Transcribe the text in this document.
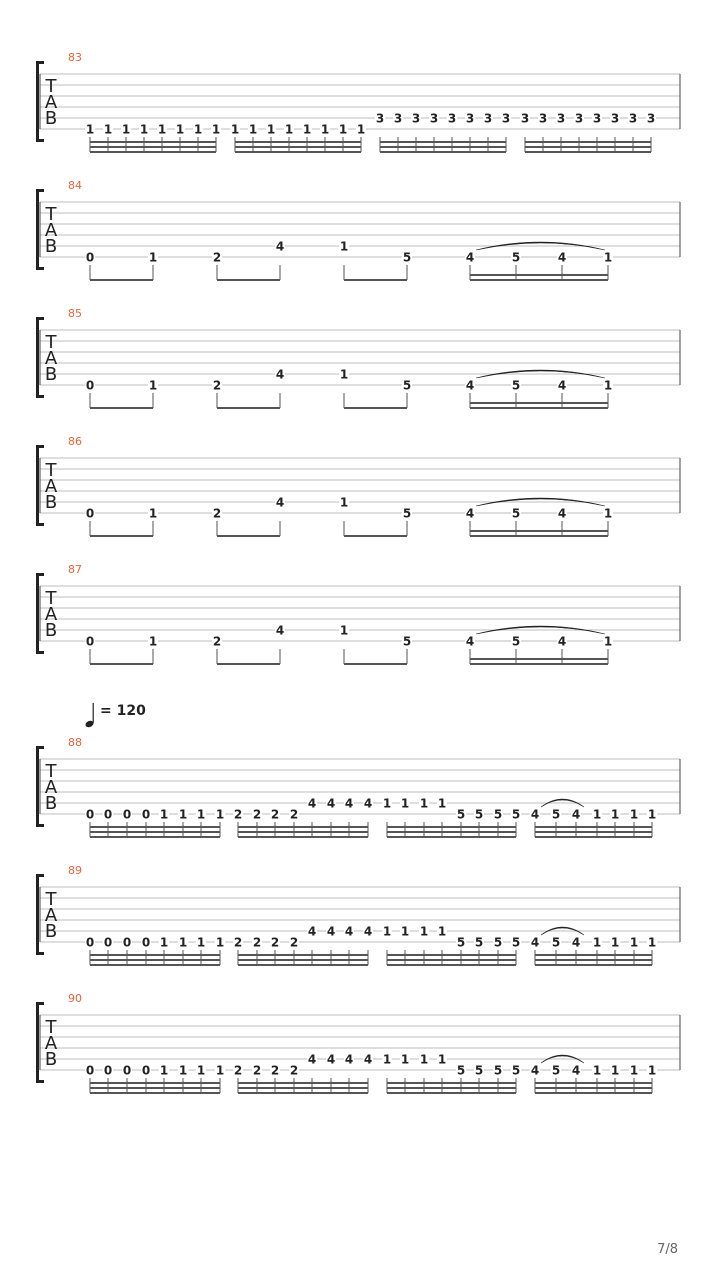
T
A
B
83
1 1 1 1 1 1 1 1 1 1 1 1 1 1 1 1
3 3 3 3 3 3 3 3 3 3 3 3 3 3 3 3
T
A
B
84
0	1	2
4	1
5	4	5	4	1
T
A
B
85
0	1	2
4	1
5	4	5	4	1
T
A
B
86
0	1	2
4	1
5	4	5	4	1
T
A
B
87
0	1	2
4	1
5	4	5	4	1
T
A
B
88
0 0 0 0 1 1 1 1 2 2 2 2
4 4 4 4 1 1 1 1
5 5 5 5 4 5 4 1 1 1 1
T
A
B
89
0 0 0 0 1 1 1 1 2 2 2 2
4 4 4 4 1 1 1 1
5 5 5 5 4 5 4 1 1 1 1
T
A
B
90
0 0 0 0 1 1 1 1 2 2 2 2
4 4 4 4 1 1 1 1
5 5 5 5 4 5 4 1 1 1 1
= 120
7/8
